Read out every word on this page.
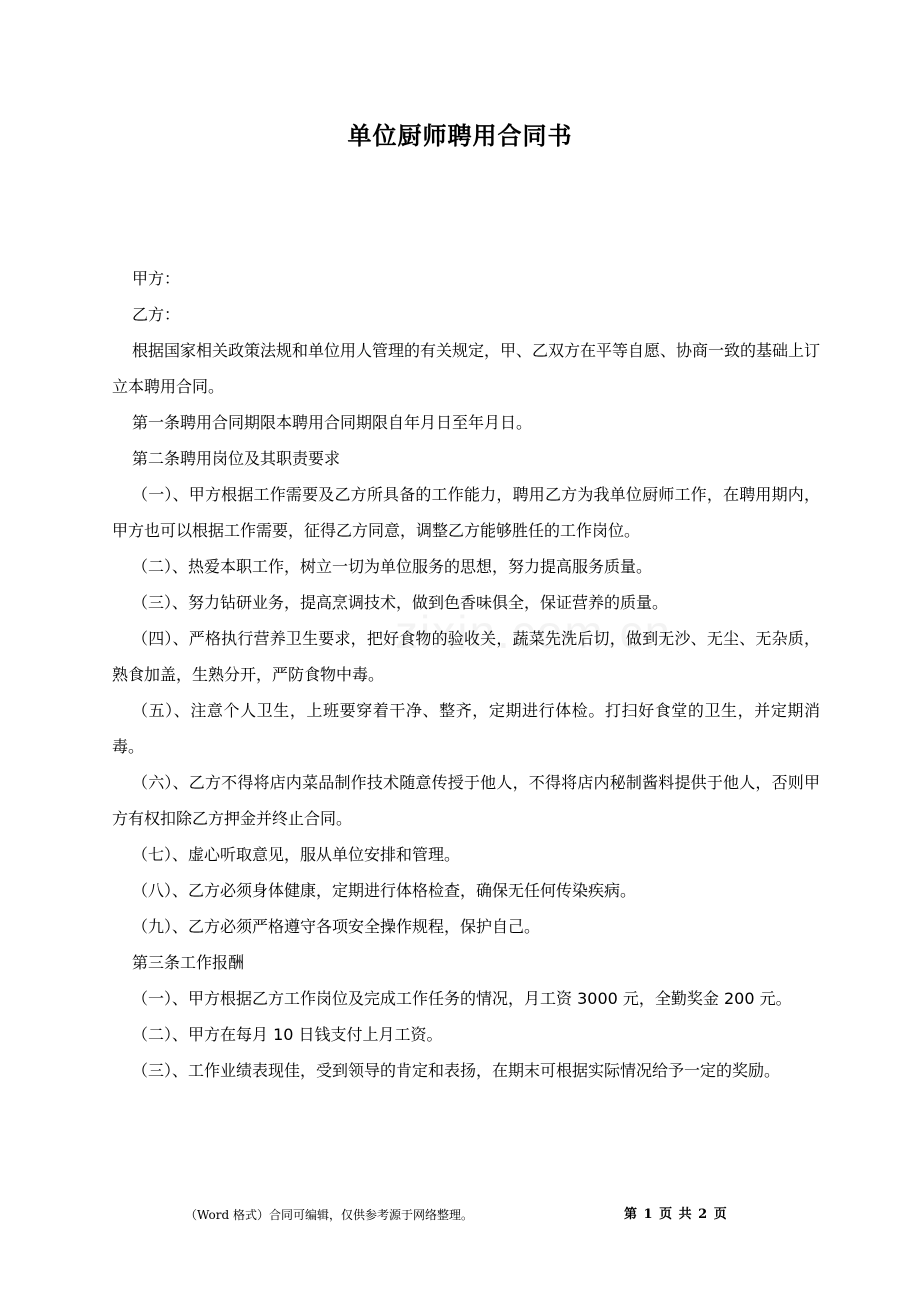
单位厨师聘用合同书

甲方：

乙方：

根据国家相关政策法规和单位用人管理的有关规定，甲、乙双方在平等自愿、协商一致的基础上订立本聘用合同。

第一条聘用合同期限本聘用合同期限自年月日至年月日。

第二条聘用岗位及其职责要求

（一）、甲方根据工作需要及乙方所具备的工作能力，聘用乙方为我单位厨师工作，在聘用期内，甲方也可以根据工作需要，征得乙方同意，调整乙方能够胜任的工作岗位。

（二）、热爱本职工作，树立一切为单位服务的思想，努力提高服务质量。

（三）、努力钻研业务，提高烹调技术，做到色香味俱全，保证营养的质量。

（四）、严格执行营养卫生要求，把好食物的验收关，蔬菜先洗后切，做到无沙、无尘、无杂质，熟食加盖，生熟分开，严防食物中毒。

（五）、注意个人卫生，上班要穿着干净、整齐，定期进行体检。打扫好食堂的卫生，并定期消毒。

（六）、乙方不得将店内菜品制作技术随意传授于他人，不得将店内秘制酱料提供于他人，否则甲方有权扣除乙方押金并终止合同。

（七）、虚心听取意见，服从单位安排和管理。

（八）、乙方必须身体健康，定期进行体格检查，确保无任何传染疾病。

（九）、乙方必须严格遵守各项安全操作规程，保护自己。

第三条工作报酬

（一）、甲方根据乙方工作岗位及完成工作任务的情况，月工资 3000 元，全勤奖金 200 元。

（二）、甲方在每月 10 日钱支付上月工资。

（三）、工作业绩表现佳，受到领导的肯定和表扬，在期末可根据实际情况给予一定的奖励。

（Word 格式）合同可编辑，仅供参考源于网络整理。	第 1 页 共 2 页
